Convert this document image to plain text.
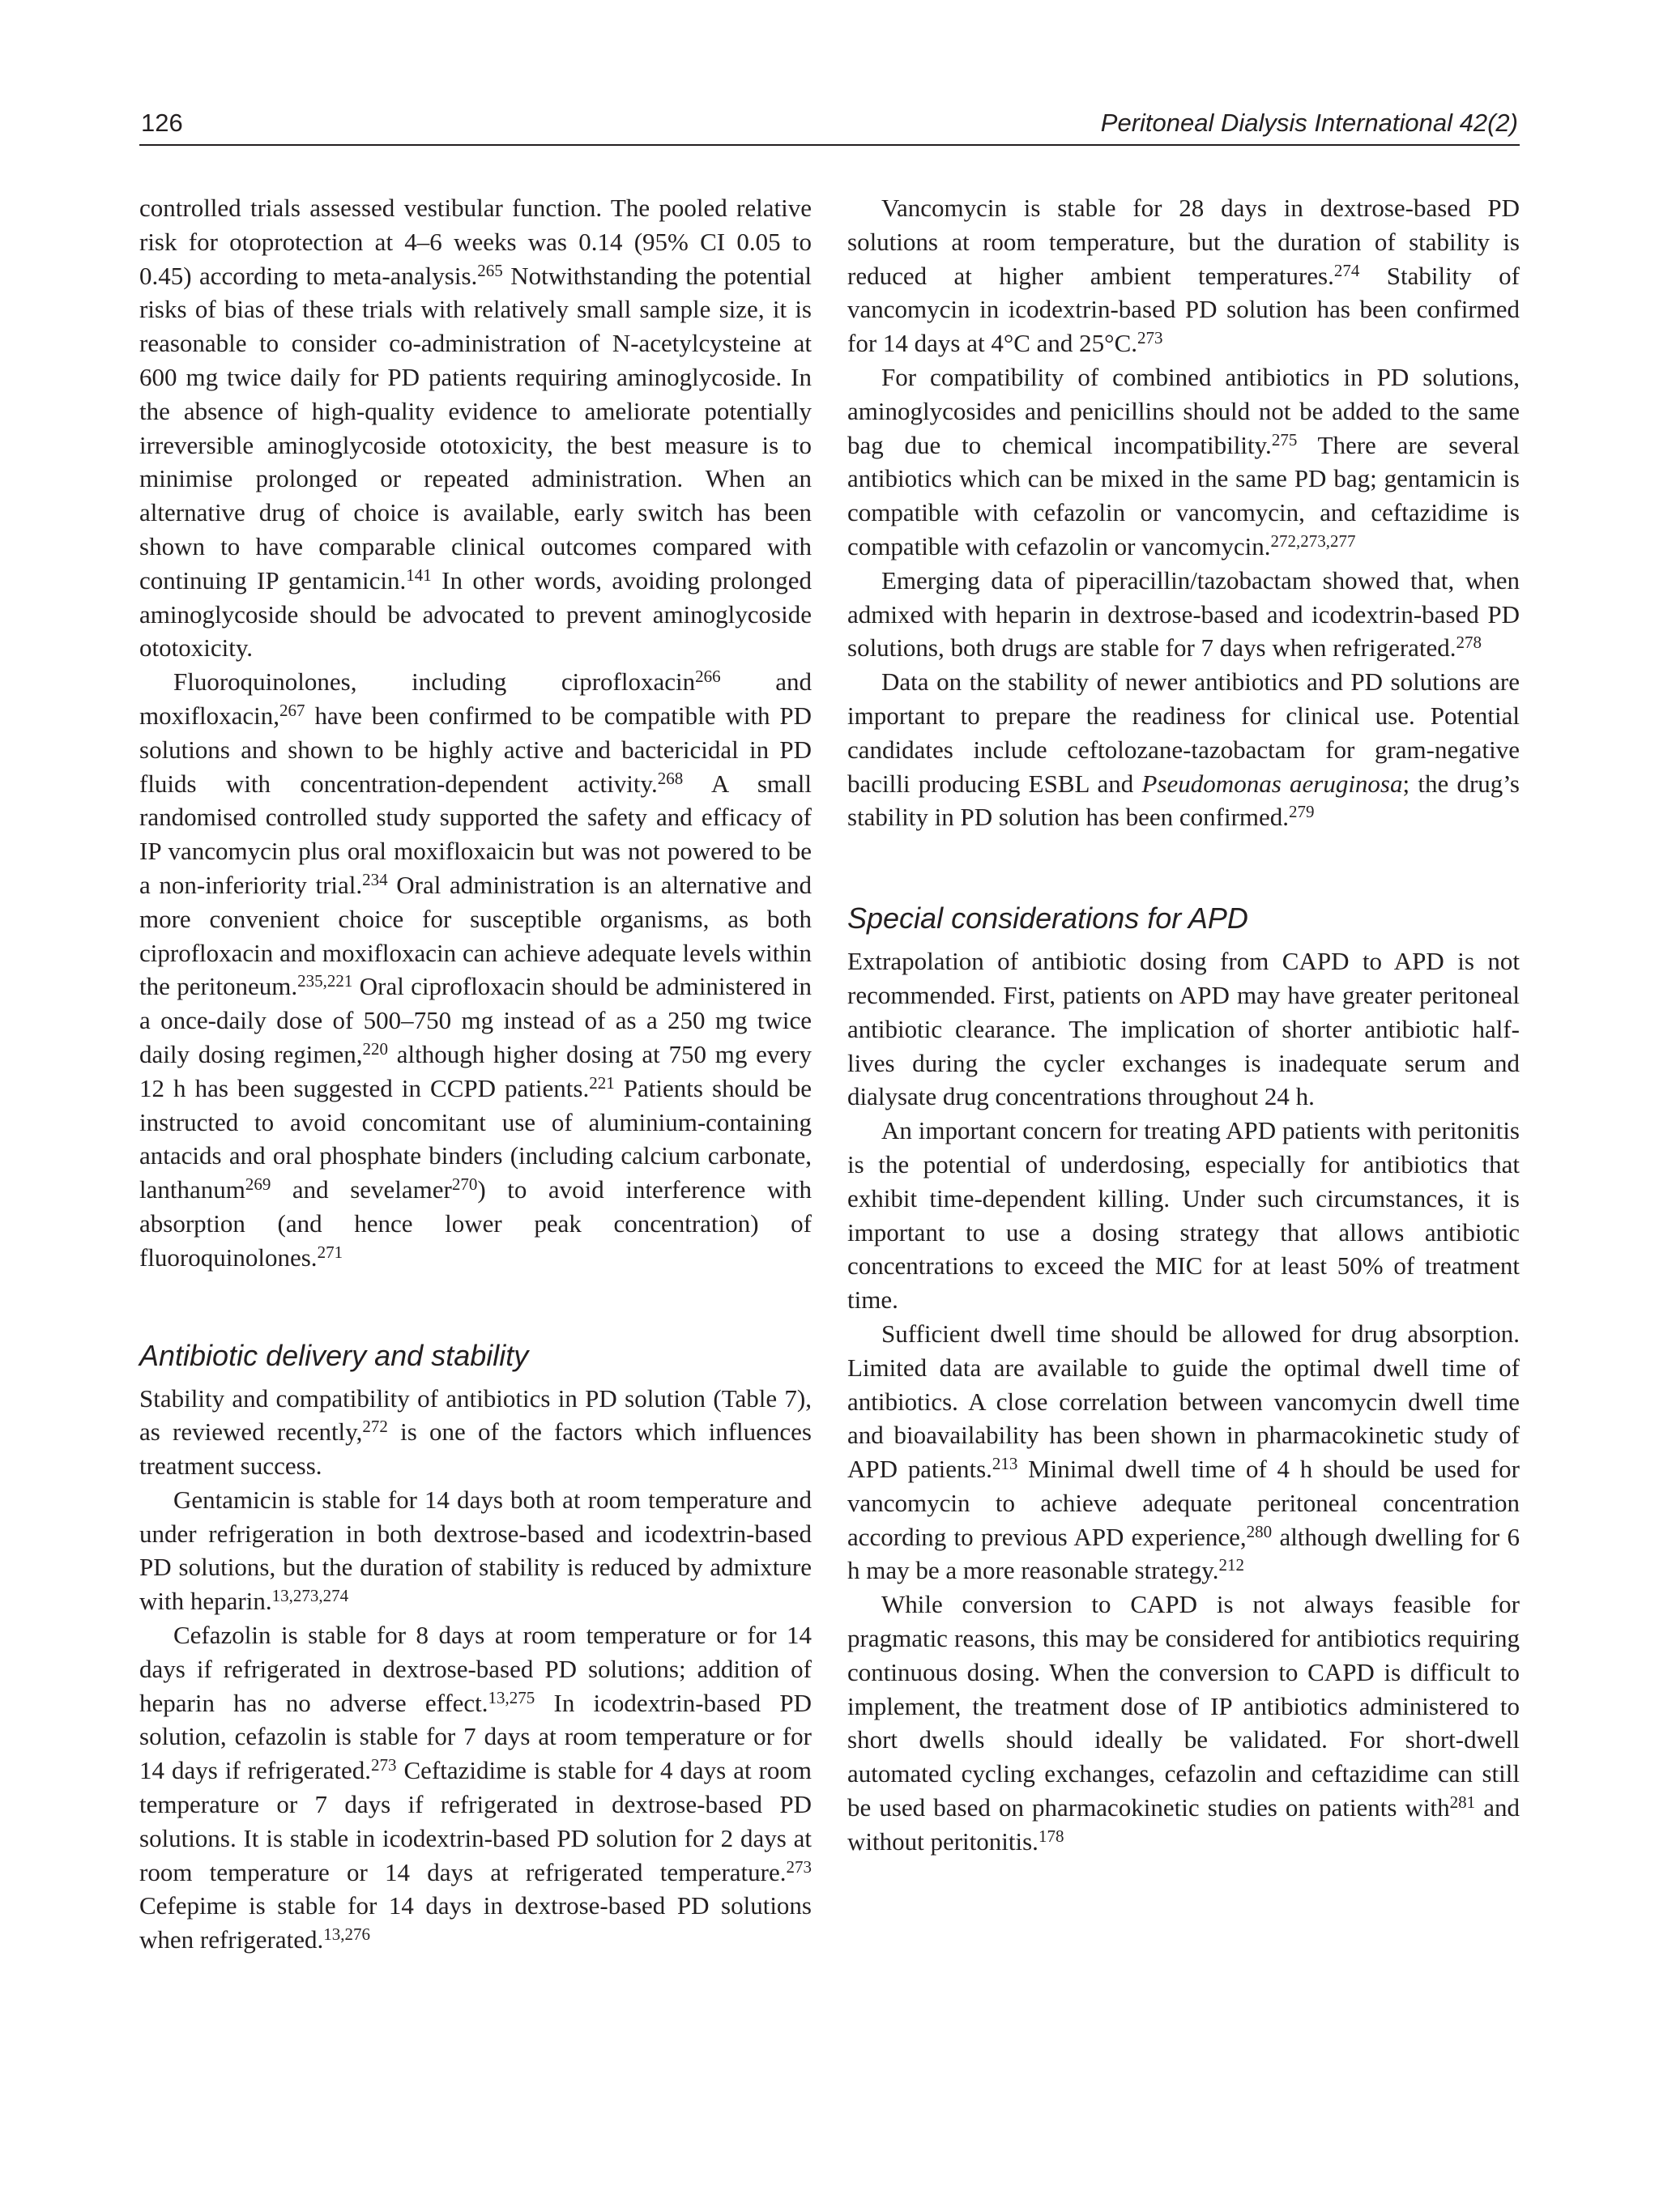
126	Peritoneal Dialysis International 42(2)

controlled trials assessed vestibular function. The pooled relative risk for otoprotection at 4–6 weeks was 0.14 (95% CI 0.05 to 0.45) according to meta-analysis.$^{265}$ Notwithstanding the potential risks of bias of these trials with relatively small sample size, it is reasonable to consider co-administration of N-acetylcysteine at 600 mg twice daily for PD patients requiring aminoglycoside. In the absence of high-quality evidence to ameliorate potentially irreversible aminoglycoside ototoxicity, the best measure is to minimise prolonged or repeated administration. When an alternative drug of choice is available, early switch has been shown to have comparable clinical outcomes compared with continuing IP gentamicin.$^{141}$ In other words, avoiding prolonged aminoglycoside should be advocated to prevent aminoglycoside ototoxicity.

Fluoroquinolones, including ciprofloxacin$^{266}$ and moxifloxacin,$^{267}$ have been confirmed to be compatible with PD solutions and shown to be highly active and bactericidal in PD fluids with concentration-dependent activity.$^{268}$ A small randomised controlled study supported the safety and efficacy of IP vancomycin plus oral moxifloxaicin but was not powered to be a non-inferiority trial.$^{234}$ Oral administration is an alternative and more convenient choice for susceptible organisms, as both ciprofloxacin and moxifloxacin can achieve adequate levels within the peritoneum.$^{235,221}$ Oral ciprofloxacin should be administered in a once-daily dose of 500–750 mg instead of as a 250 mg twice daily dosing regimen,$^{220}$ although higher dosing at 750 mg every 12 h has been suggested in CCPD patients.$^{221}$ Patients should be instructed to avoid concomitant use of aluminium-containing antacids and oral phosphate binders (including calcium carbonate, lanthanum$^{269}$ and sevelamer$^{270}$) to avoid interference with absorption (and hence lower peak concentration) of fluoroquinolones.$^{271}$

Antibiotic delivery and stability

Stability and compatibility of antibiotics in PD solution (Table 7), as reviewed recently,$^{272}$ is one of the factors which influences treatment success.

Gentamicin is stable for 14 days both at room temperature and under refrigeration in both dextrose-based and icodextrin-based PD solutions, but the duration of stability is reduced by admixture with heparin.$^{13,273,274}$

Cefazolin is stable for 8 days at room temperature or for 14 days if refrigerated in dextrose-based PD solutions; addition of heparin has no adverse effect.$^{13,275}$ In icodextrin-based PD solution, cefazolin is stable for 7 days at room temperature or for 14 days if refrigerated.$^{273}$ Ceftazidime is stable for 4 days at room temperature or 7 days if refrigerated in dextrose-based PD solutions. It is stable in icodextrin-based PD solution for 2 days at room temperature or 14 days at refrigerated temperature.$^{273}$ Cefepime is stable for 14 days in dextrose-based PD solutions when refrigerated.$^{13,276}$

Vancomycin is stable for 28 days in dextrose-based PD solutions at room temperature, but the duration of stability is reduced at higher ambient temperatures.$^{274}$ Stability of vancomycin in icodextrin-based PD solution has been confirmed for 14 days at 4°C and 25°C.$^{273}$

For compatibility of combined antibiotics in PD solutions, aminoglycosides and penicillins should not be added to the same bag due to chemical incompatibility.$^{275}$ There are several antibiotics which can be mixed in the same PD bag; gentamicin is compatible with cefazolin or vancomycin, and ceftazidime is compatible with cefazolin or vancomycin.$^{272,273,277}$

Emerging data of piperacillin/tazobactam showed that, when admixed with heparin in dextrose-based and icodextrin-based PD solutions, both drugs are stable for 7 days when refrigerated.$^{278}$

Data on the stability of newer antibiotics and PD solutions are important to prepare the readiness for clinical use. Potential candidates include ceftolozane-tazobactam for gram-negative bacilli producing ESBL and Pseudomonas aeruginosa; the drug’s stability in PD solution has been confirmed.$^{279}$

Special considerations for APD

Extrapolation of antibiotic dosing from CAPD to APD is not recommended. First, patients on APD may have greater peritoneal antibiotic clearance. The implication of shorter antibiotic half-lives during the cycler exchanges is inadequate serum and dialysate drug concentrations throughout 24 h.

An important concern for treating APD patients with peritonitis is the potential of underdosing, especially for antibiotics that exhibit time-dependent killing. Under such circumstances, it is important to use a dosing strategy that allows antibiotic concentrations to exceed the MIC for at least 50% of treatment time.

Sufficient dwell time should be allowed for drug absorption. Limited data are available to guide the optimal dwell time of antibiotics. A close correlation between vancomycin dwell time and bioavailability has been shown in pharmacokinetic study of APD patients.$^{213}$ Minimal dwell time of 4 h should be used for vancomycin to achieve adequate peritoneal concentration according to previous APD experience,$^{280}$ although dwelling for 6 h may be a more reasonable strategy.$^{212}$

While conversion to CAPD is not always feasible for pragmatic reasons, this may be considered for antibiotics requiring continuous dosing. When the conversion to CAPD is difficult to implement, the treatment dose of IP antibiotics administered to short dwells should ideally be validated. For short-dwell automated cycling exchanges, cefazolin and ceftazidime can still be used based on pharmacokinetic studies on patients with$^{281}$ and without peritonitis.$^{178}$
